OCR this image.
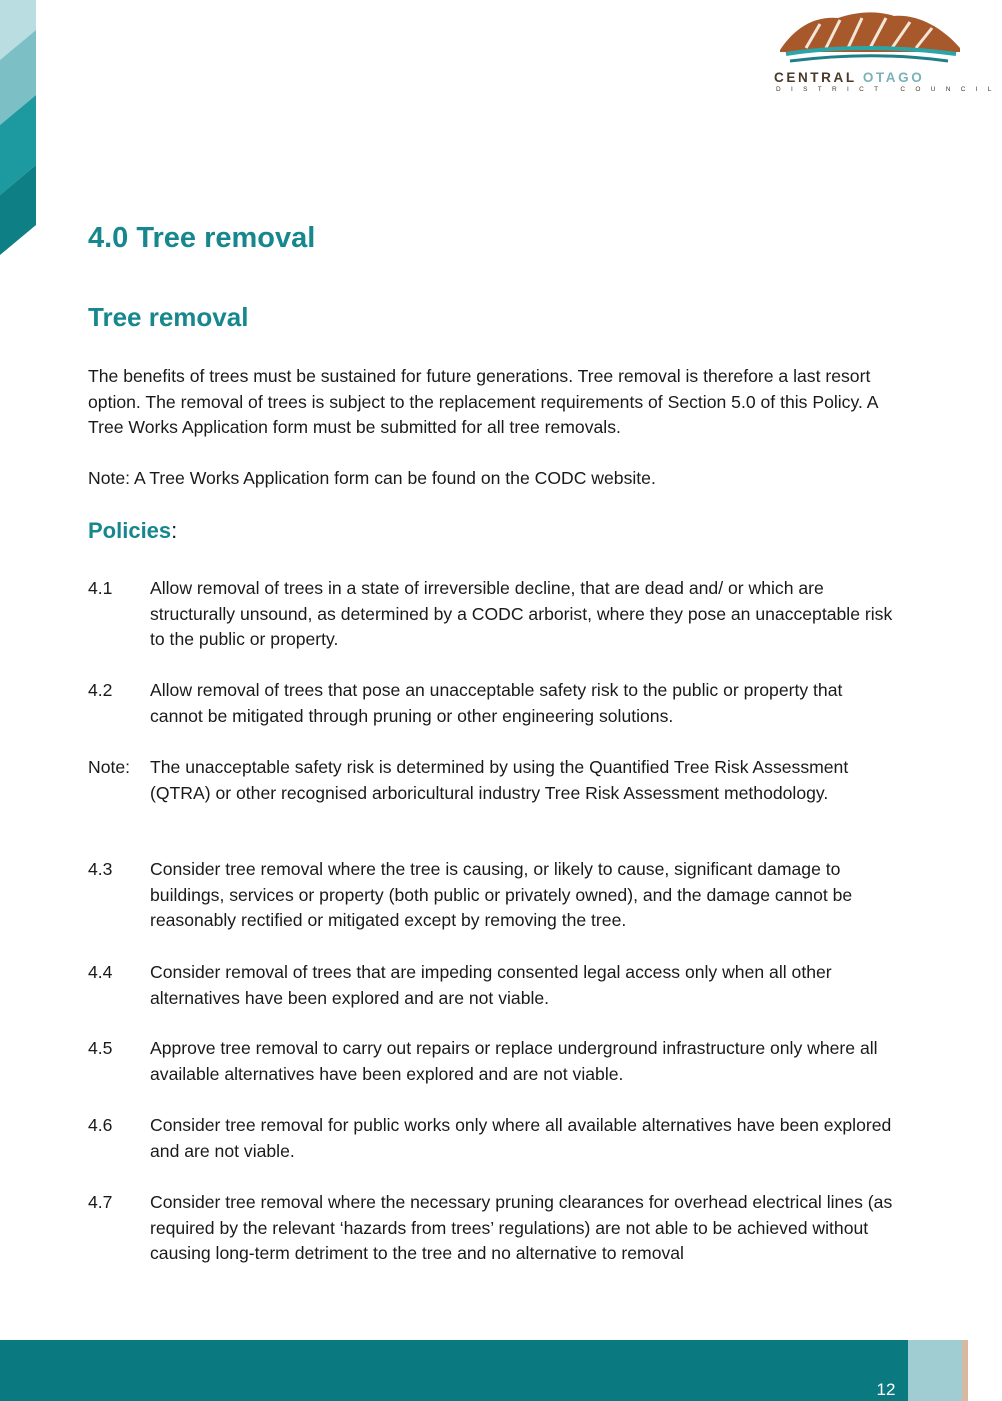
CENTRAL OTAGO
DISTRICT COUNCIL
4.0 Tree removal
Tree removal

The benefits of trees must be sustained for future generations. Tree removal is therefore a last resort option. The removal of trees is subject to the replacement requirements of Section 5.0 of this Policy. A Tree Works Application form must be submitted for all tree removals.

Note: A Tree Works Application form can be found on the CODC website.

Policies:
4.1	Allow removal of trees in a state of irreversible decline, that are dead and/ or which are structurally unsound, as determined by a CODC arborist, where they pose an unacceptable risk to the public or property.

4.2	Allow removal of trees that pose an unacceptable safety risk to the public or property that cannot be mitigated through pruning or other engineering solutions.

Note:	The unacceptable safety risk is determined by using the Quantified Tree Risk Assessment (QTRA) or other recognised arboricultural industry Tree Risk Assessment methodology.

4.3	Consider tree removal where the tree is causing, or likely to cause, significant damage to buildings, services or property (both public or privately owned), and the damage cannot be reasonably rectified or mitigated except by removing the tree.

4.4	Consider removal of trees that are impeding consented legal access only when all other alternatives have been explored and are not viable.

4.5	Approve tree removal to carry out repairs or replace underground infrastructure only where all available alternatives have been explored and are not viable.

4.6	Consider tree removal for public works only where all available alternatives have been explored and are not viable.

4.7	Consider tree removal where the necessary pruning clearances for overhead electrical lines (as required by the relevant ‘hazards from trees’ regulations) are not able to be achieved without causing long-term detriment to the tree and no alternative to removal

12
